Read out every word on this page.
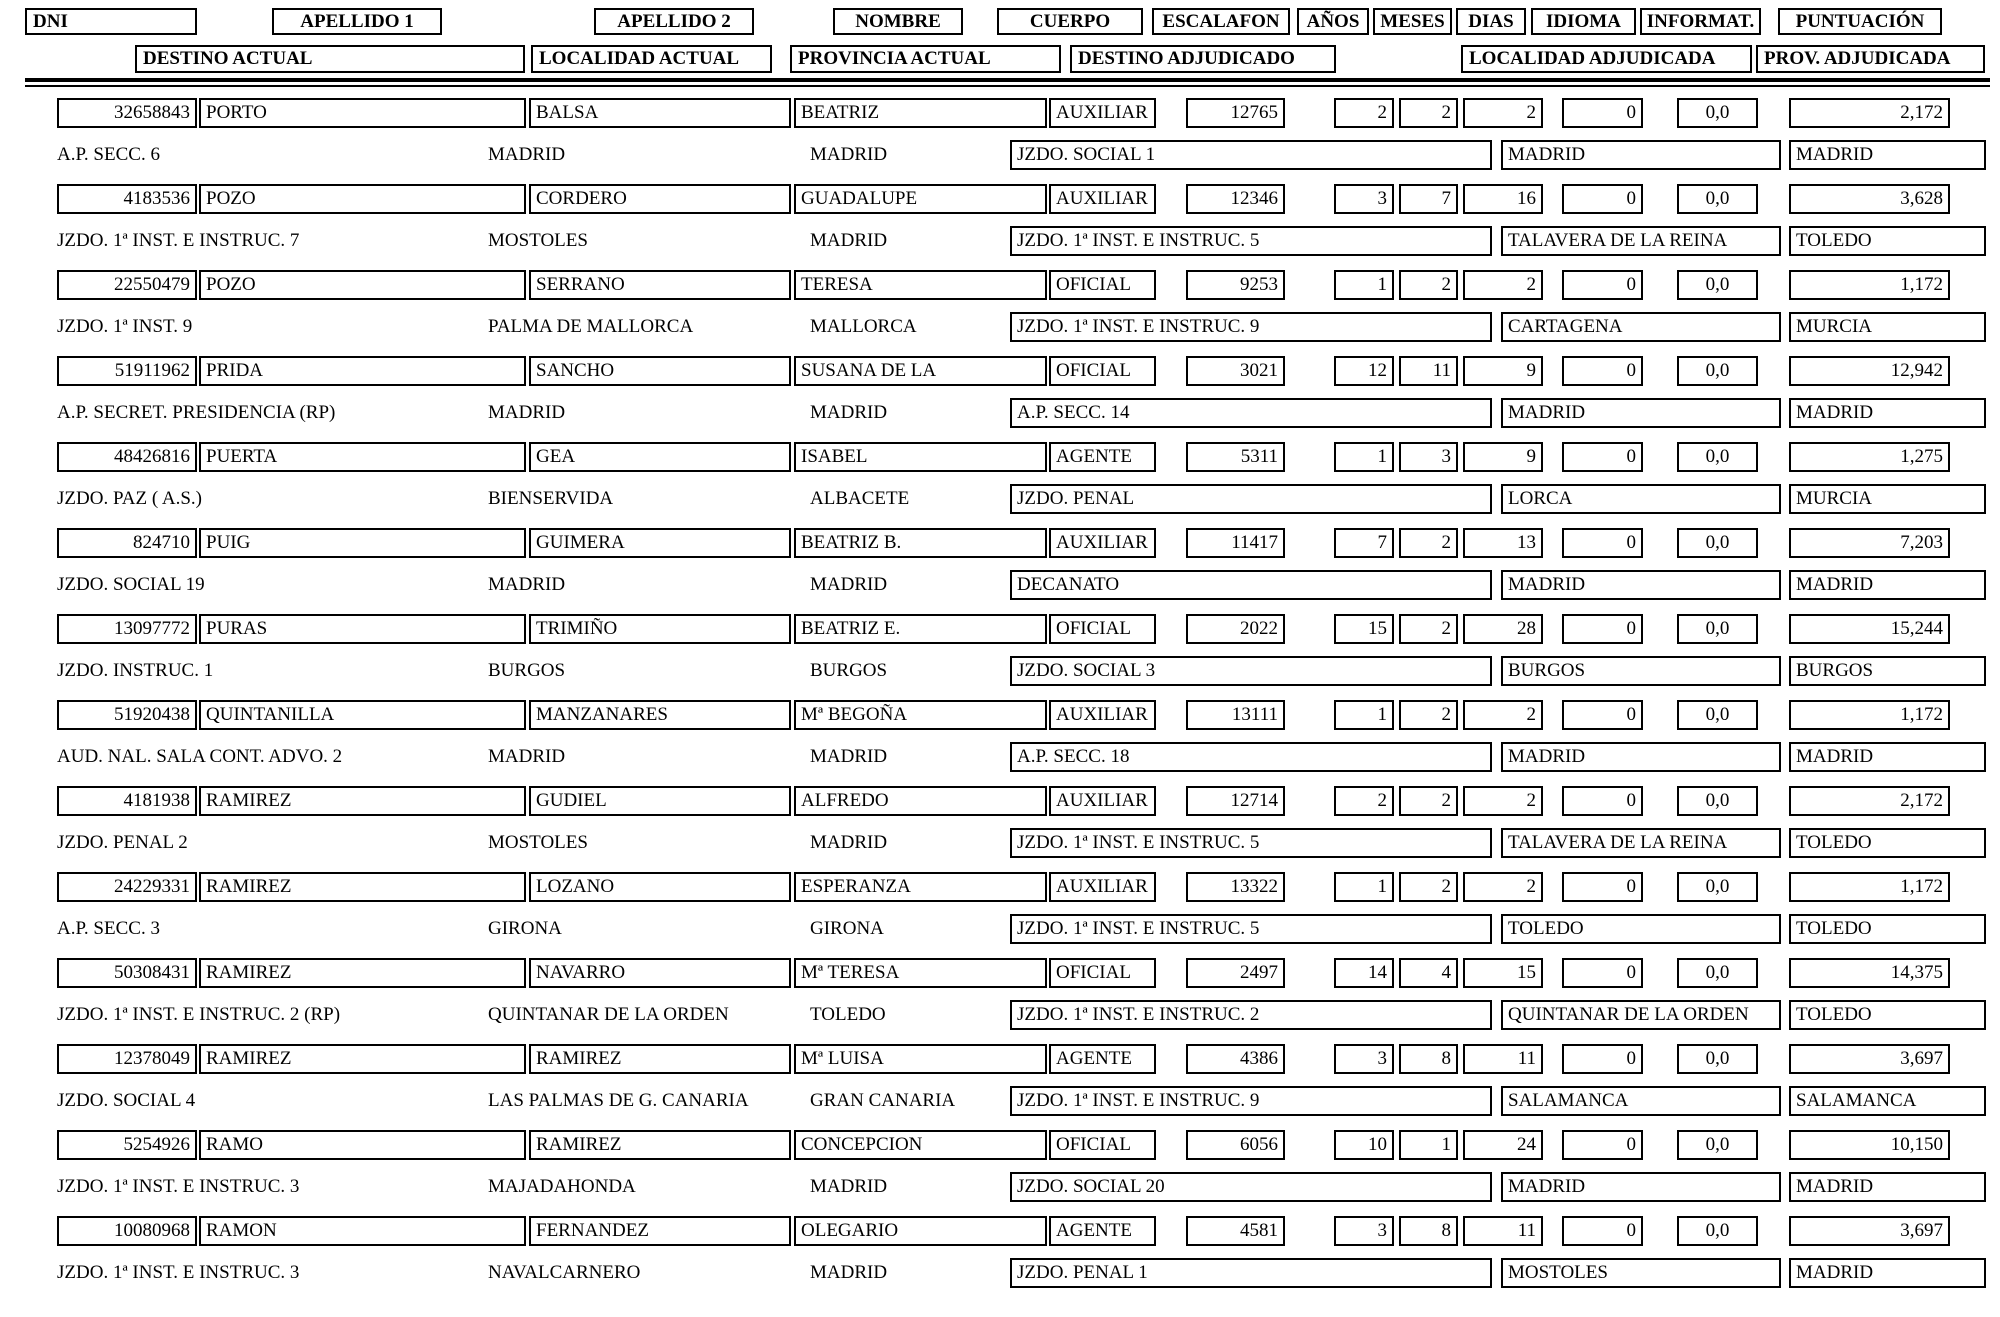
DNI	APELLIDO 1	APELLIDO 2	NOMBRE	CUERPO	ESCALAFON	AÑOS	MESES	DIAS	IDIOMA	INFORMAT.	PUNTUACIÓN
DESTINO ACTUAL	LOCALIDAD ACTUAL	PROVINCIA ACTUAL	DESTINO ADJUDICADO	LOCALIDAD ADJUDICADA	PROV. ADJUDICADA
32658843 PORTO	BALSA	BEATRIZ	AUXILIAR	12765	2	2	2	0	0,0	2,172
A.P. SECC. 6	MADRID	MADRID	JZDO. SOCIAL 1	MADRID	MADRID
4183536 POZO	CORDERO	GUADALUPE	AUXILIAR	12346	3	7	16	0	0,0	3,628
JZDO. 1ª INST. E INSTRUC. 7	MOSTOLES	MADRID	JZDO. 1ª INST. E INSTRUC. 5	TALAVERA DE LA REINA	TOLEDO
22550479 POZO	SERRANO	TERESA	OFICIAL	9253	1	2	2	0	0,0	1,172
JZDO. 1ª INST. 9	PALMA DE MALLORCA	MALLORCA	JZDO. 1ª INST. E INSTRUC. 9	CARTAGENA	MURCIA
51911962 PRIDA	SANCHO	SUSANA DE LA	OFICIAL	3021	12	11	9	0	0,0	12,942
A.P. SECRET. PRESIDENCIA (RP)	MADRID	MADRID	A.P. SECC. 14	MADRID	MADRID
48426816 PUERTA	GEA	ISABEL	AGENTE	5311	1	3	9	0	0,0	1,275
JZDO. PAZ ( A.S.)	BIENSERVIDA	ALBACETE	JZDO. PENAL	LORCA	MURCIA
824710 PUIG	GUIMERA	BEATRIZ B.	AUXILIAR	11417	7	2	13	0	0,0	7,203
JZDO. SOCIAL 19	MADRID	MADRID	DECANATO	MADRID	MADRID
13097772 PURAS	TRIMIÑO	BEATRIZ E.	OFICIAL	2022	15	2	28	0	0,0	15,244
JZDO. INSTRUC. 1	BURGOS	BURGOS	JZDO. SOCIAL 3	BURGOS	BURGOS
51920438 QUINTANILLA	MANZANARES	Mª BEGOÑA	AUXILIAR	13111	1	2	2	0	0,0	1,172
AUD. NAL. SALA CONT. ADVO. 2	MADRID	MADRID	A.P. SECC. 18	MADRID	MADRID
4181938 RAMIREZ	GUDIEL	ALFREDO	AUXILIAR	12714	2	2	2	0	0,0	2,172
JZDO. PENAL 2	MOSTOLES	MADRID	JZDO. 1ª INST. E INSTRUC. 5	TALAVERA DE LA REINA	TOLEDO
24229331 RAMIREZ	LOZANO	ESPERANZA	AUXILIAR	13322	1	2	2	0	0,0	1,172
A.P. SECC. 3	GIRONA	GIRONA	JZDO. 1ª INST. E INSTRUC. 5	TOLEDO	TOLEDO
50308431 RAMIREZ	NAVARRO	Mª TERESA	OFICIAL	2497	14	4	15	0	0,0	14,375
JZDO. 1ª INST. E INSTRUC. 2 (RP)	QUINTANAR DE LA ORDEN	TOLEDO	JZDO. 1ª INST. E INSTRUC. 2	QUINTANAR DE LA ORDEN	TOLEDO
12378049 RAMIREZ	RAMIREZ	Mª LUISA	AGENTE	4386	3	8	11	0	0,0	3,697
JZDO. SOCIAL 4	LAS PALMAS DE G. CANARIA	GRAN CANARIA	JZDO. 1ª INST. E INSTRUC. 9	SALAMANCA	SALAMANCA
5254926 RAMO	RAMIREZ	CONCEPCION	OFICIAL	6056	10	1	24	0	0,0	10,150
JZDO. 1ª INST. E INSTRUC. 3	MAJADAHONDA	MADRID	JZDO. SOCIAL 20	MADRID	MADRID
10080968 RAMON	FERNANDEZ	OLEGARIO	AGENTE	4581	3	8	11	0	0,0	3,697
JZDO. 1ª INST. E INSTRUC. 3	NAVALCARNERO	MADRID	JZDO. PENAL 1	MOSTOLES	MADRID
